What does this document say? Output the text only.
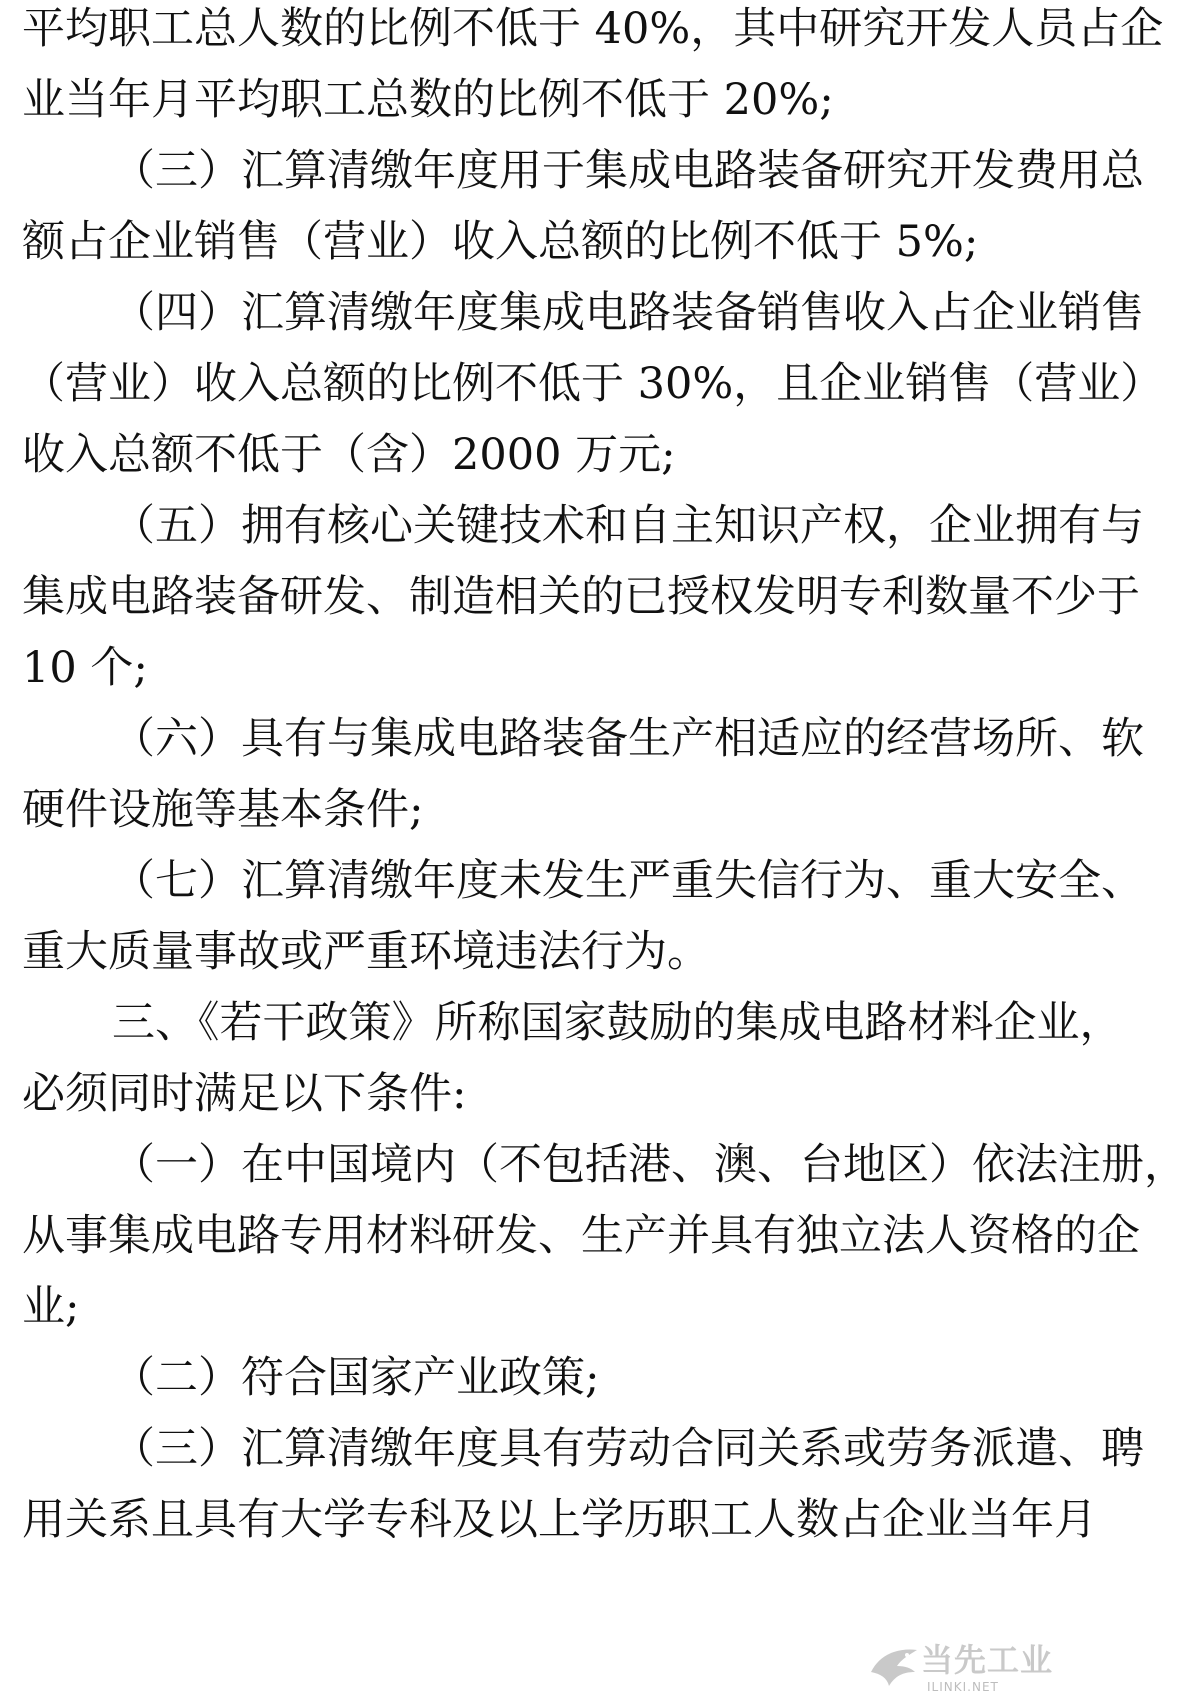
平均职工总人数的比例不低于 40%，其中研究开发人员占企
业当年月平均职工总数的比例不低于 20%;
（三）汇算清缴年度用于集成电路装备研究开发费用总
额占企业销售（营业）收入总额的比例不低于 5%;
（四）汇算清缴年度集成电路装备销售收入占企业销售
（营业）收入总额的比例不低于 30%，且企业销售（营业）
收入总额不低于（含）2000 万元;
（五）拥有核心关键技术和自主知识产权，企业拥有与
集成电路装备研发、制造相关的已授权发明专利数量不少于
10 个;
（六）具有与集成电路装备生产相适应的经营场所、软
硬件设施等基本条件;
（七）汇算清缴年度未发生严重失信行为、重大安全、
重大质量事故或严重环境违法行为。
三、《若干政策》所称国家鼓励的集成电路材料企业，
必须同时满足以下条件:
（一）在中国境内（不包括港、澳、台地区）依法注册，
从事集成电路专用材料研发、生产并具有独立法人资格的企
业;
（二）符合国家产业政策;
（三）汇算清缴年度具有劳动合同关系或劳务派遣、聘
用关系且具有大学专科及以上学历职工人数占企业当年月
当先工业
ILINKI.NET
